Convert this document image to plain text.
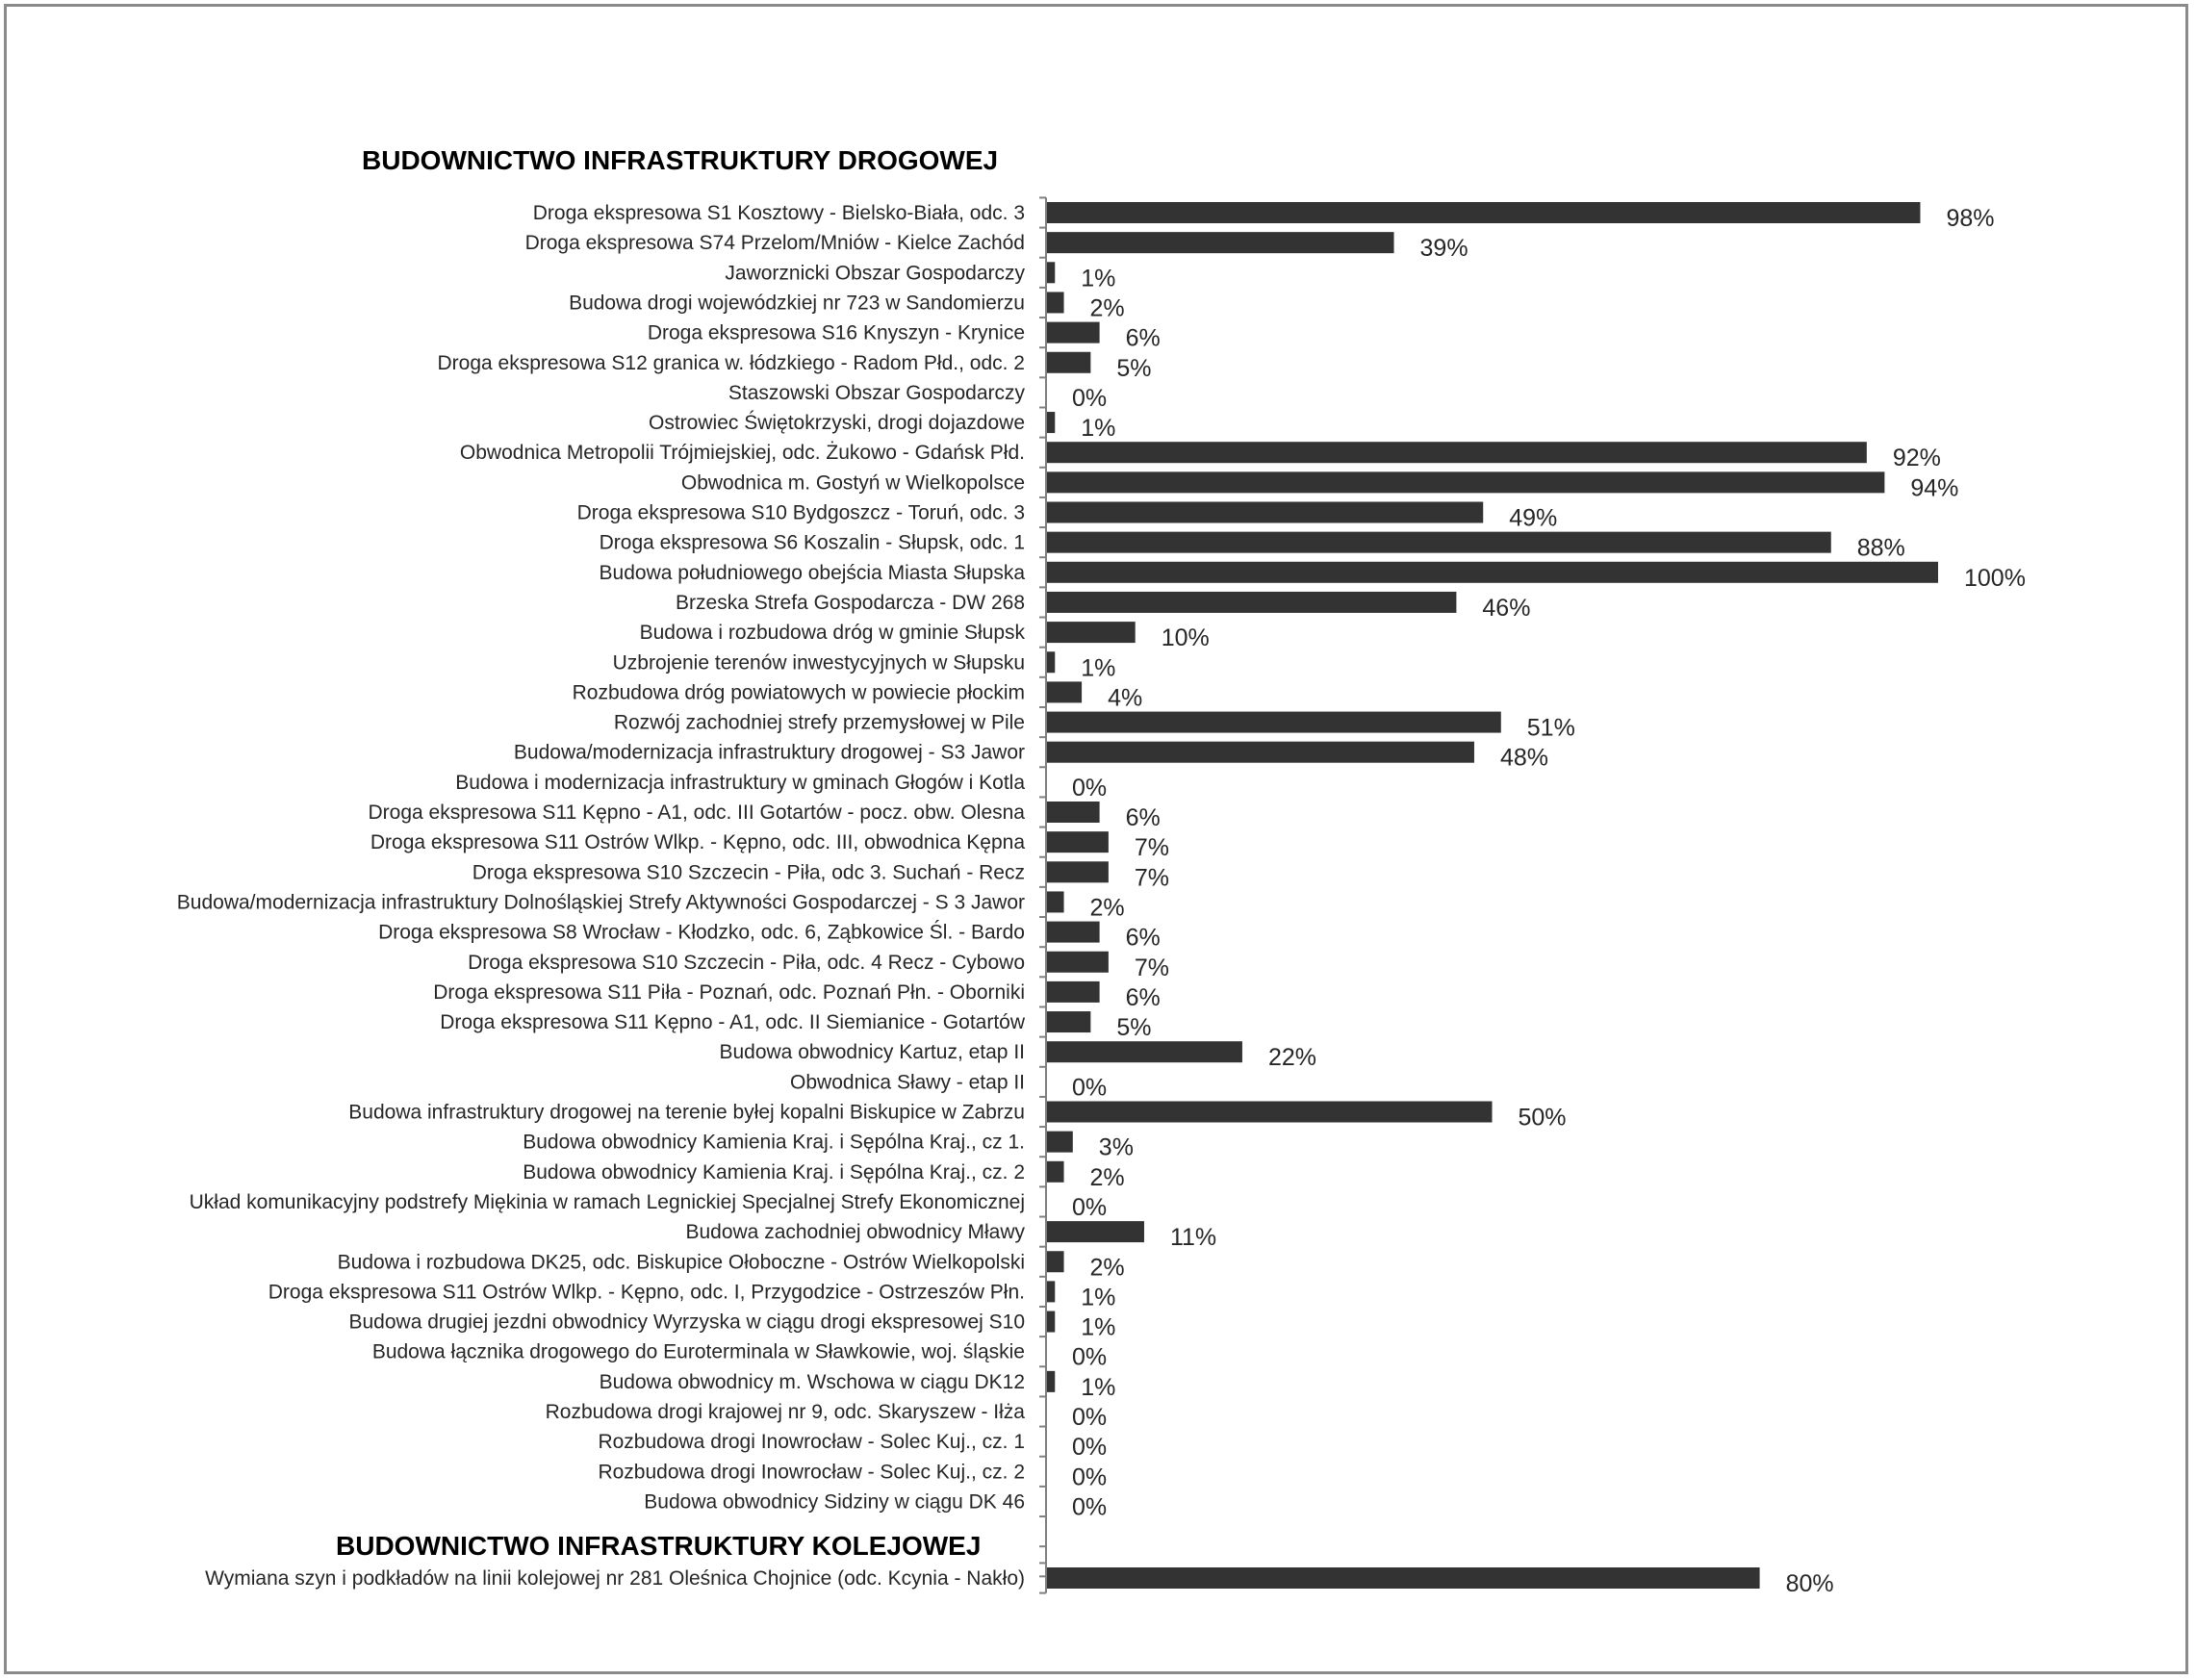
BUDOWNICTWO INFRASTRUKTURY DROGOWEJ
Droga ekspresowa S1 Kosztowy - Bielsko-Biała, odc. 3	98%
Droga ekspresowa S74 Przelom/Mniów - Kielce Zachód	39%
Jaworznicki Obszar Gospodarczy 1%
Budowa drogi wojewódzkiej nr 723 w Sandomierzu	2%
Droga ekspresowa S16 Knyszyn - Krynice	6%
Droga ekspresowa S12 granica w. łódzkiego - Radom Płd., odc. 2	5%
Staszowski Obszar Gospodarczy 0%
Ostrowiec Świętokrzyski, drogi dojazdowe 1%
Obwodnica Metropolii Trójmiejskiej, odc. Żukowo - Gdańsk Płd.	92%
Obwodnica m. Gostyń w Wielkopolsce	94%
Droga ekspresowa S10 Bydgoszcz - Toruń, odc. 3	49%
Droga ekspresowa S6 Koszalin - Słupsk, odc. 1	88%
Budowa południowego obejścia Miasta Słupska	100%
Brzeska Strefa Gospodarcza - DW 268	46%
Budowa i rozbudowa dróg w gminie Słupsk	10%
Uzbrojenie terenów inwestycyjnych w Słupsku 1%
Rozbudowa dróg powiatowych w powiecie płockim	4%
Rozwój zachodniej strefy przemysłowej w Pile	51%
Budowa/modernizacja infrastruktury drogowej - S3 Jawor	48%
Budowa i modernizacja infrastruktury w gminach Głogów i Kotla 0%
Droga ekspresowa S11 Kępno - A1, odc. III Gotartów - pocz. obw. Olesna	6%
Droga ekspresowa S11 Ostrów Wlkp. - Kępno, odc. III, obwodnica Kępna	7%
Droga ekspresowa S10 Szczecin - Piła, odc 3. Suchań - Recz	7%
Budowa/modernizacja infrastruktury Dolnośląskiej Strefy Aktywności Gospodarczej - S 3 Jawor	2%
Droga ekspresowa S8 Wrocław - Kłodzko, odc. 6, Ząbkowice Śl. - Bardo	6%
Droga ekspresowa S10 Szczecin - Piła, odc. 4 Recz - Cybowo	7%
Droga ekspresowa S11 Piła - Poznań, odc. Poznań Płn. - Oborniki	6%
Droga ekspresowa S11 Kępno - A1, odc. II Siemianice - Gotartów	5%
Budowa obwodnicy Kartuz, etap II	22%
Obwodnica Sławy - etap II 0%
Budowa infrastruktury drogowej na terenie byłej kopalni Biskupice w Zabrzu	50%
Budowa obwodnicy Kamienia Kraj. i Sępólna Kraj., cz 1.	3%
Budowa obwodnicy Kamienia Kraj. i Sępólna Kraj., cz. 2	2%
Układ komunikacyjny podstrefy Miękinia w ramach Legnickiej Specjalnej Strefy Ekonomicznej 0%
Budowa zachodniej obwodnicy Mławy	11%
Budowa i rozbudowa DK25, odc. Biskupice Ołoboczne - Ostrów Wielkopolski	2%
Droga ekspresowa S11 Ostrów Wlkp. - Kępno, odc. I, Przygodzice - Ostrzeszów Płn. 1%
Budowa drugiej jezdni obwodnicy Wyrzyska w ciągu drogi ekspresowej S10 1%
Budowa łącznika drogowego do Euroterminala w Sławkowie, woj. śląskie 0%
Budowa obwodnicy m. Wschowa w ciągu DK12 1%
Rozbudowa drogi krajowej nr 9, odc. Skaryszew - Iłża 0%
Rozbudowa drogi Inowrocław - Solec Kuj., cz. 1 0%
Rozbudowa drogi Inowrocław - Solec Kuj., cz. 2 0%
Budowa obwodnicy Sidziny w ciągu DK 46 0%
BUDOWNICTWO INFRASTRUKTURY KOLEJOWEJ
Wymiana szyn i podkładów na linii kolejowej nr 281 Oleśnica Chojnice (odc. Kcynia - Nakło)	80%
